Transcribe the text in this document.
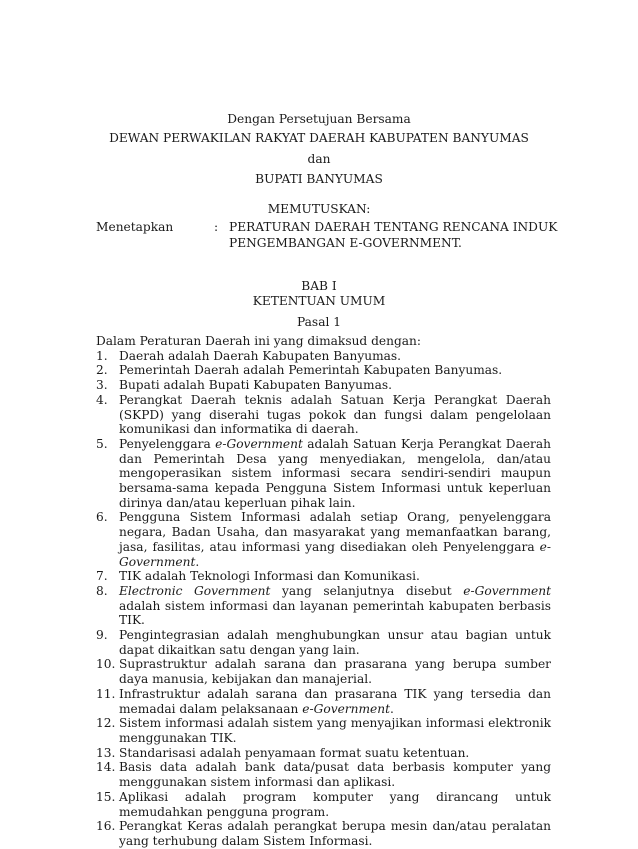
Dengan Persetujuan Bersama
DEWAN PERWAKILAN RAKYAT DAERAH KABUPATEN BANYUMAS
dan
BUPATI BANYUMAS
MEMUTUSKAN:
Menetapkan	: PERATURAN DAERAH TENTANG RENCANA INDUK
PENGEMBANGAN E-GOVERNMENT.
BAB I
KETENTUAN UMUM
Pasal 1
Dalam Peraturan Daerah ini yang dimaksud dengan:
1. Daerah adalah Daerah Kabupaten Banyumas.
2. Pemerintah Daerah adalah Pemerintah Kabupaten Banyumas.
3. Bupati adalah Bupati Kabupaten Banyumas.
4. Perangkat Daerah teknis adalah Satuan Kerja Perangkat Daerah (SKPD) yang diserahi tugas pokok dan fungsi dalam pengelolaan komunikasi dan informatika di daerah.
5. Penyelenggara e-Government adalah Satuan Kerja Perangkat Daerah dan Pemerintah Desa yang menyediakan, mengelola, dan/atau mengoperasikan sistem informasi secara sendiri-sendiri maupun bersama-sama kepada Pengguna Sistem Informasi untuk keperluan dirinya dan/atau keperluan pihak lain.
6. Pengguna Sistem Informasi adalah setiap Orang, penyelenggara negara, Badan Usaha, dan masyarakat yang memanfaatkan barang, jasa, fasilitas, atau informasi yang disediakan oleh Penyelenggara e-Government.
7. TIK adalah Teknologi Informasi dan Komunikasi.
8. Electronic Government yang selanjutnya disebut e-Government adalah sistem informasi dan layanan pemerintah kabupaten berbasis TIK.
9. Pengintegrasian adalah menghubungkan unsur atau bagian untuk dapat dikaitkan satu dengan yang lain.
10. Suprastruktur adalah sarana dan prasarana yang berupa sumber daya manusia, kebijakan dan manajerial.
11. Infrastruktur adalah sarana dan prasarana TIK yang tersedia dan memadai dalam pelaksanaan e-Government.
12. Sistem informasi adalah sistem yang menyajikan informasi elektronik menggunakan TIK.
13. Standarisasi adalah penyamaan format suatu ketentuan.
14. Basis data adalah bank data/pusat data berbasis komputer yang menggunakan sistem informasi dan aplikasi.
15. Aplikasi adalah program komputer yang dirancang untuk memudahkan pengguna program.
16. Perangkat Keras adalah perangkat berupa mesin dan/atau peralatan yang terhubung dalam Sistem Informasi.
